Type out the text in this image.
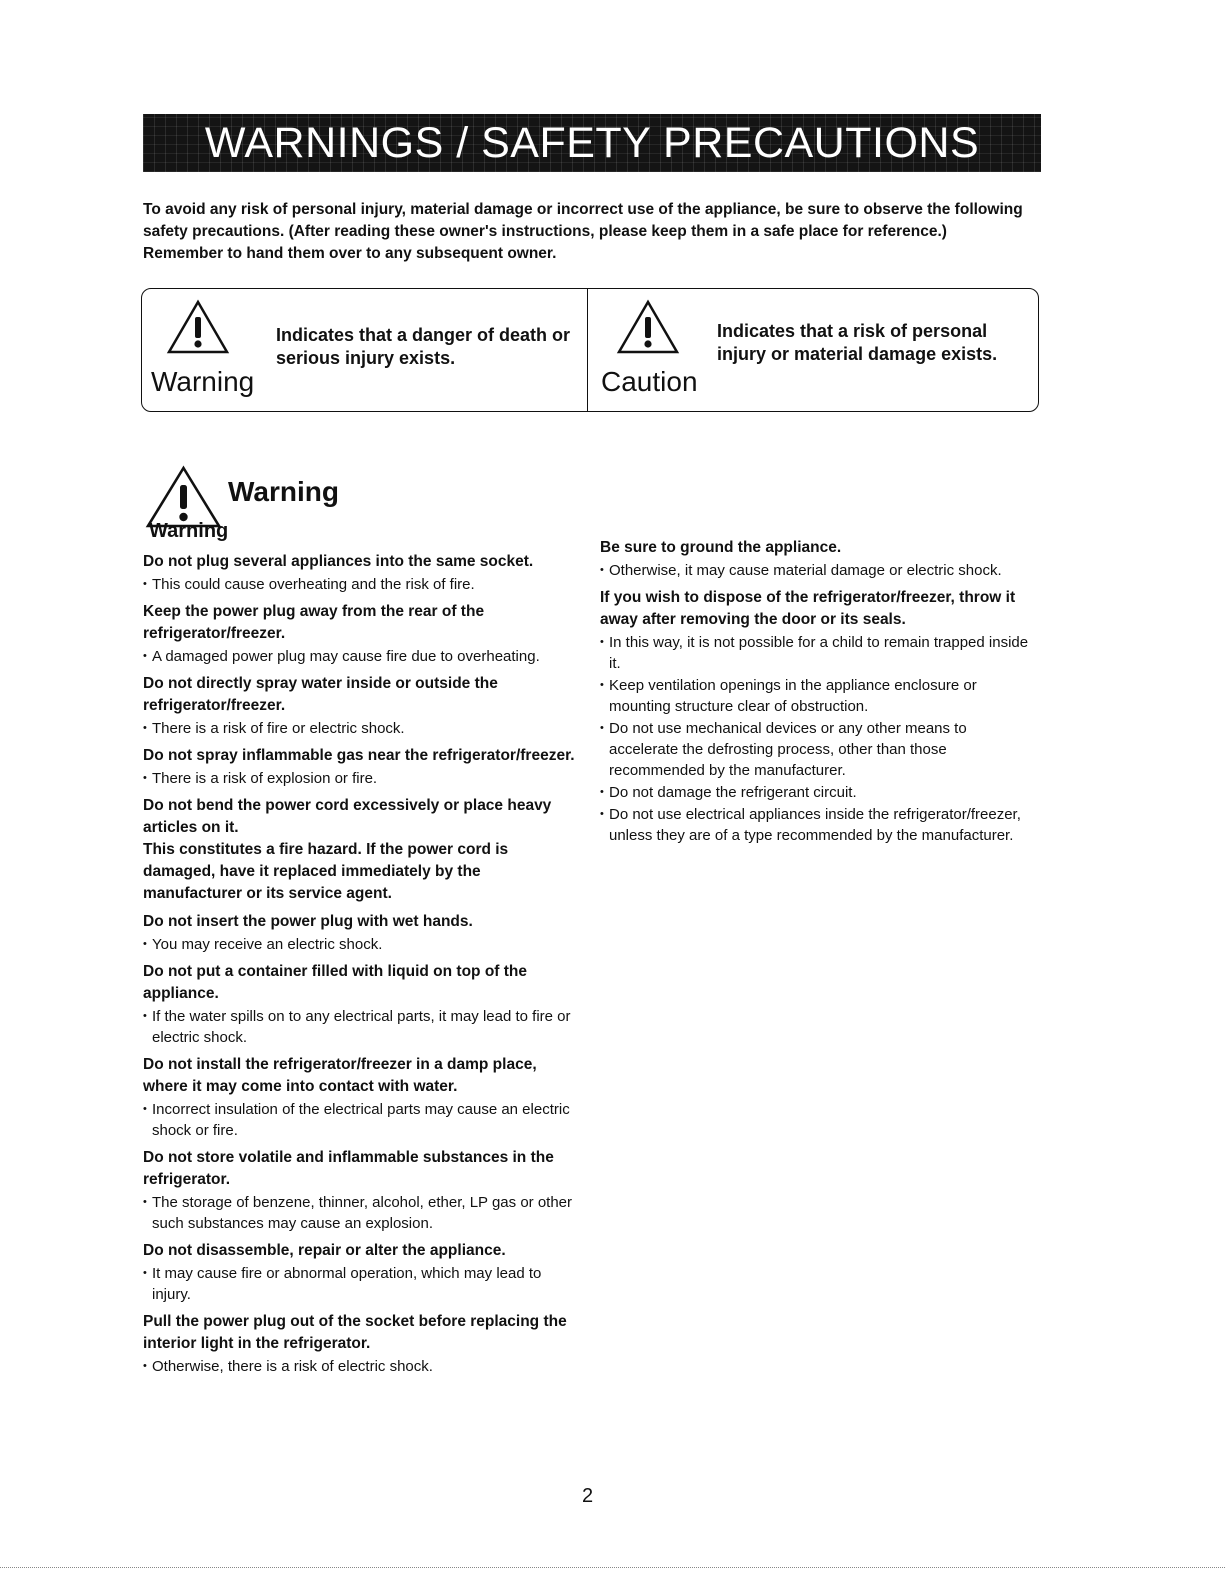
WARNINGS / SAFETY PRECAUTIONS

To avoid any risk of personal injury, material damage or incorrect use of the appliance, be sure to observe the following safety precautions. (After reading these owner's instructions, please keep them in a safe place for reference.) Remember to hand them over to any subsequent owner.

Warning
Indicates that a danger of death or serious injury exists.
Caution
Indicates that a risk of personal injury or material damage exists.
Warning
Warning

Do not plug several appliances into the same socket.

• This could cause overheating and the risk of fire.

Keep the power plug away from the rear of the refrigerator/freezer.

• A damaged power plug may cause fire due to overheating.

Do not directly spray water inside or outside the refrigerator/freezer.

• There is a risk of fire or electric shock.

Do not spray inflammable gas near the refrigerator/freezer.

• There is a risk of explosion or fire.

Do not bend the power cord excessively or place heavy articles on it.

This constitutes a fire hazard. If the power cord is damaged, have it replaced immediately by the manufacturer or its service agent.

Do not insert the power plug with wet hands.

• You may receive an electric shock.

Do not put a container filled with liquid on top of the appliance.

• If the water spills on to any electrical parts, it may lead to fire or electric shock.

Do not install the refrigerator/freezer in a damp place, where it may come into contact with water.

• Incorrect insulation of the electrical parts may cause an electric shock or fire.

Do not store volatile and inflammable substances in the refrigerator.

• The storage of benzene, thinner, alcohol, ether, LP gas or other such substances may cause an explosion.

Do not disassemble, repair or alter the appliance.

• It may cause fire or abnormal operation, which may lead to injury.

Pull the power plug out of the socket before replacing the interior light in the refrigerator.

• Otherwise, there is a risk of electric shock.

Be sure to ground the appliance.

• Otherwise, it may cause material damage or electric shock.

If you wish to dispose of the refrigerator/freezer, throw it away after removing the door or its seals.

• In this way, it is not possible for a child to remain trapped inside it.
• Keep ventilation openings in the appliance enclosure or mounting structure clear of obstruction.
• Do not use mechanical devices or any other means to accelerate the defrosting process, other than those recommended by the manufacturer.
• Do not damage the refrigerant circuit.
• Do not use electrical appliances inside the refrigerator/freezer, unless they are of a type recommended by the manufacturer.
2
